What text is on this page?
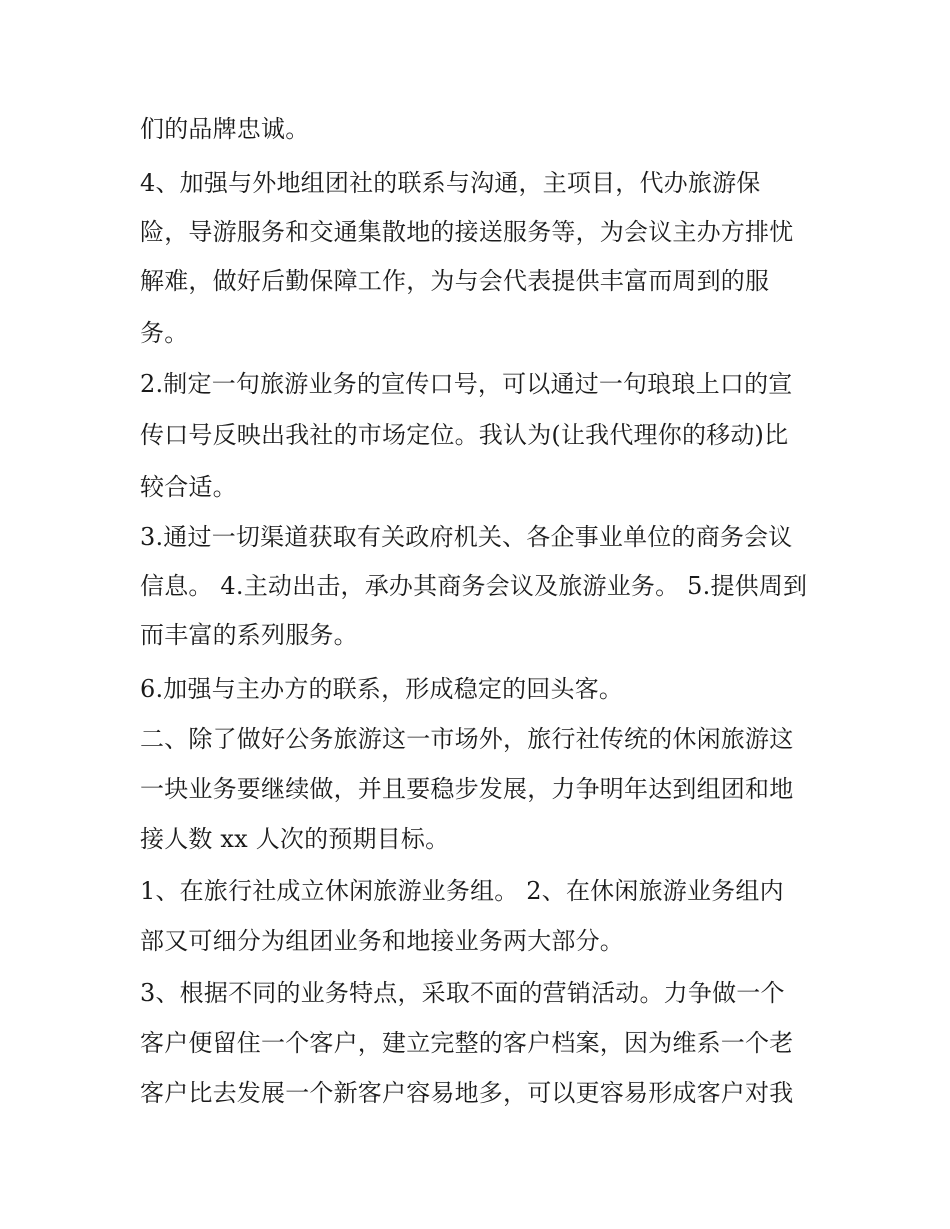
们的品牌忠诚。
4、加强与外地组团社的联系与沟通，主项目，代办旅游保
险，导游服务和交通集散地的接送服务等，为会议主办方排忧
解难，做好后勤保障工作，为与会代表提供丰富而周到的服
务。
2.制定一句旅游业务的宣传口号，可以通过一句琅琅上口的宣
传口号反映出我社的市场定位。我认为(让我代理你的移动)比
较合适。
3.通过一切渠道获取有关政府机关、各企事业单位的商务会议
信息。 4.主动出击，承办其商务会议及旅游业务。 5.提供周到
而丰富的系列服务。
6.加强与主办方的联系，形成稳定的回头客。
二、除了做好公务旅游这一市场外，旅行社传统的休闲旅游这
一块业务要继续做，并且要稳步发展，力争明年达到组团和地
接人数 xx 人次的预期目标。
1、在旅行社成立休闲旅游业务组。 2、在休闲旅游业务组内
部又可细分为组团业务和地接业务两大部分。
3、根据不同的业务特点，采取不面的营销活动。力争做一个
客户便留住一个客户，建立完整的客户档案，因为维系一个老
客户比去发展一个新客户容易地多，可以更容易形成客户对我
